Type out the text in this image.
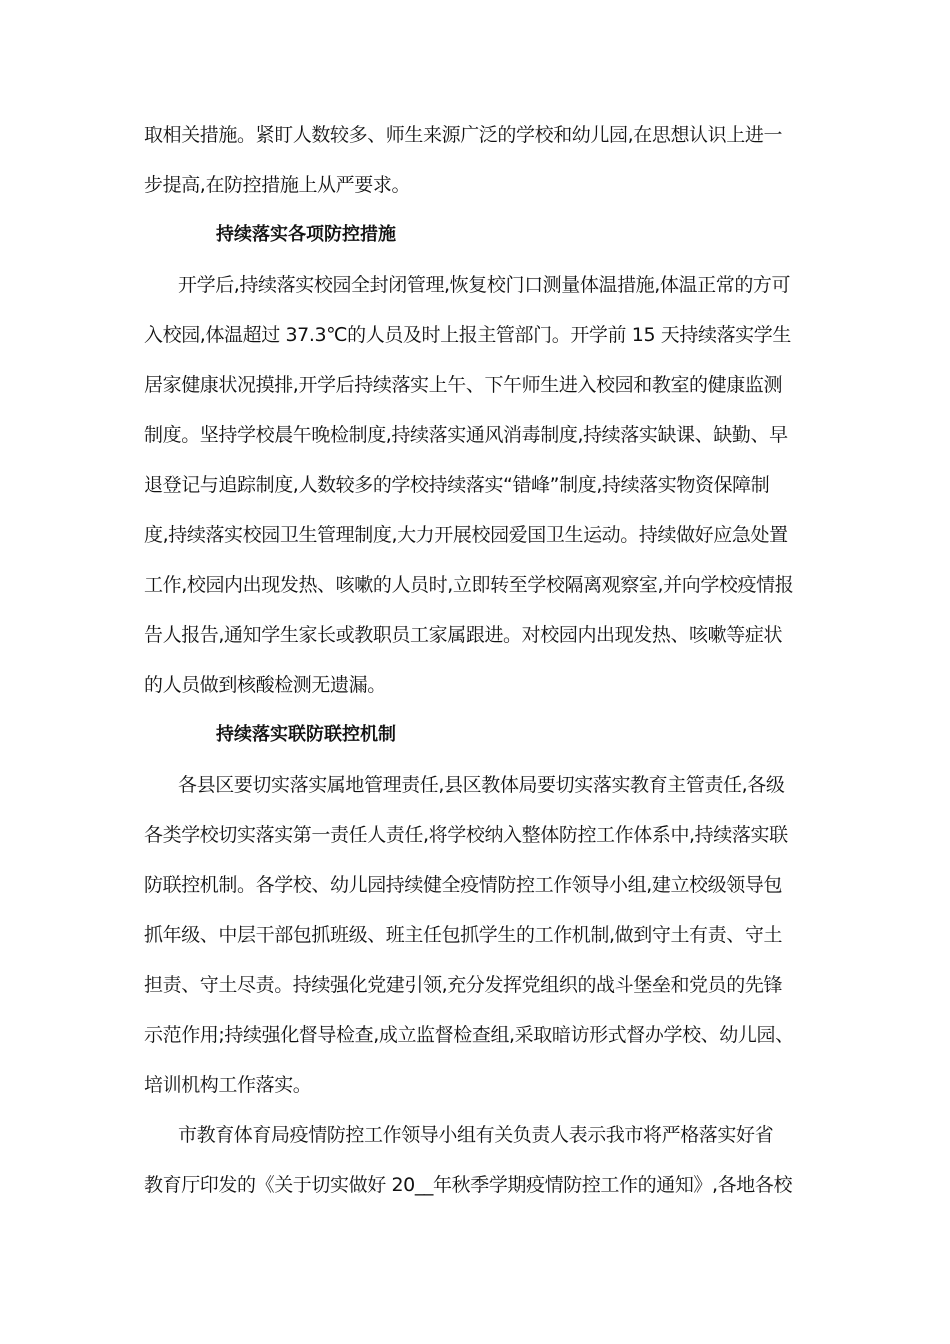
取相关措施。紧盯人数较多、师生来源广泛的学校和幼儿园,在思想认识上进一
步提高,在防控措施上从严要求。
持续落实各项防控措施
开学后,持续落实校园全封闭管理,恢复校门口测量体温措施,体温正常的方可
入校园,体温超过 37.3℃的人员及时上报主管部门。开学前 15 天持续落实学生
居家健康状况摸排,开学后持续落实上午、下午师生进入校园和教室的健康监测
制度。坚持学校晨午晚检制度,持续落实通风消毒制度,持续落实缺课、缺勤、早
退登记与追踪制度,人数较多的学校持续落实“错峰”制度,持续落实物资保障制
度,持续落实校园卫生管理制度,大力开展校园爱国卫生运动。持续做好应急处置
工作,校园内出现发热、咳嗽的人员时,立即转至学校隔离观察室,并向学校疫情报
告人报告,通知学生家长或教职员工家属跟进。对校园内出现发热、咳嗽等症状
的人员做到核酸检测无遗漏。
持续落实联防联控机制
各县区要切实落实属地管理责任,县区教体局要切实落实教育主管责任,各级
各类学校切实落实第一责任人责任,将学校纳入整体防控工作体系中,持续落实联
防联控机制。各学校、幼儿园持续健全疫情防控工作领导小组,建立校级领导包
抓年级、中层干部包抓班级、班主任包抓学生的工作机制,做到守土有责、守土
担责、守土尽责。持续强化党建引领,充分发挥党组织的战斗堡垒和党员的先锋
示范作用;持续强化督导检查,成立监督检查组,采取暗访形式督办学校、幼儿园、
培训机构工作落实。
市教育体育局疫情防控工作领导小组有关负责人表示我市将严格落实好省
教育厅印发的《关于切实做好 20__年秋季学期疫情防控工作的通知》,各地各校
